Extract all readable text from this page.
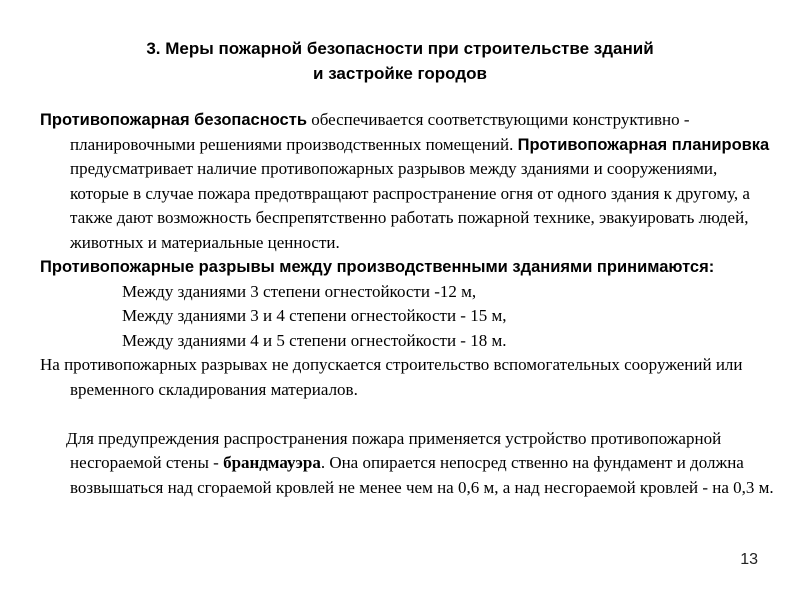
3. Меры пожарной безопасности при строительстве зданий
и застройке городов

Противопожарная безопасность обеспечивается соответствующими конструктивно - планировочными решениями производственных помещений. Противопожарная планировка предусматривает наличие противопожарных разрывов между зданиями и сооружениями, которые в случае пожара предотвращают распространение огня от одного здания к другому, а также дают возможность беспрепятственно работать пожарной технике, эвакуировать людей, животных и материальные ценности.

Противопожарные разрывы между производственными зданиями принимаются:

Между зданиями 3 степени огнестойкости -12 м,
Между зданиями 3 и 4 степени огнестойкости - 15 м,
Между зданиями 4 и 5 степени огнестойкости - 18 м.

На противопожарных разрывах не допускается строительство вспомогательных сооружений или временного складирования материалов.

Для предупреждения распространения пожара применяется устройство противопожарной несгораемой стены - брандмауэра. Она опирается непосред ственно на фундамент и должна возвышаться над сгораемой кровлей не менее чем на 0,6 м, а над несгораемой кровлей - на 0,3 м.

13
